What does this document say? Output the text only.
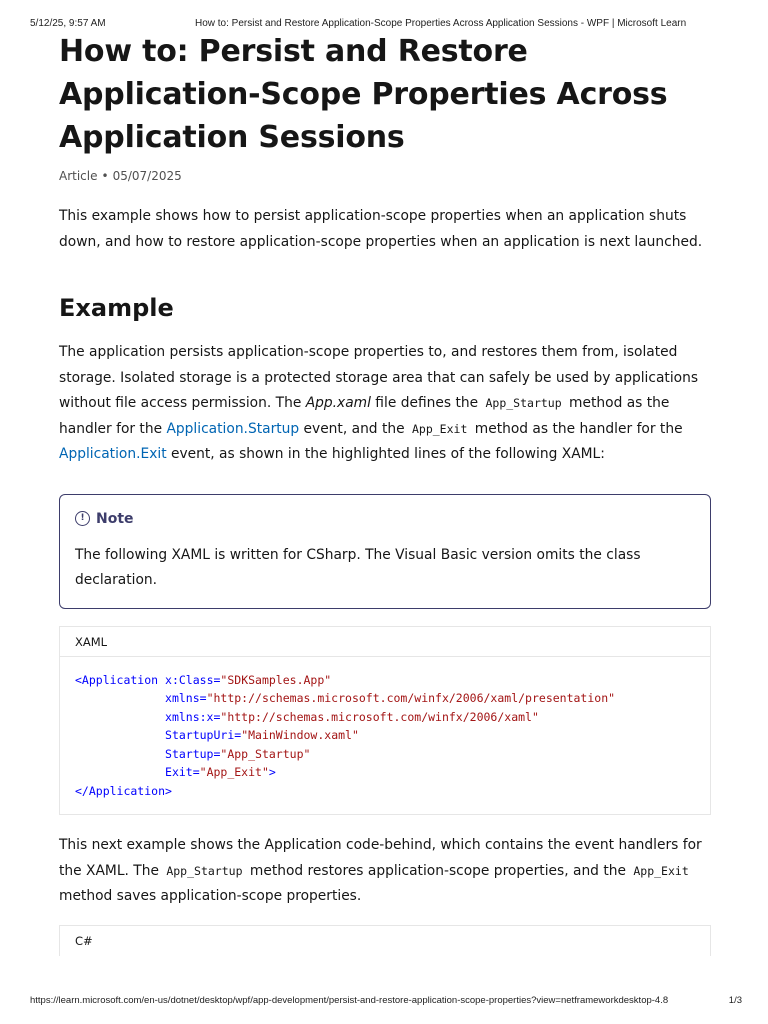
5/12/25, 9:57 AM	How to: Persist and Restore Application-Scope Properties Across Application Sessions - WPF | Microsoft Learn
How to: Persist and Restore Application-Scope Properties Across Application Sessions
Article • 05/07/2025

This example shows how to persist application-scope properties when an application shuts down, and how to restore application-scope properties when an application is next launched.

Example

The application persists application-scope properties to, and restores them from, isolated storage. Isolated storage is a protected storage area that can safely be used by applications without file access permission. The App.xaml file defines the App_Startup method as the handler for the Application.Startup event, and the App_Exit method as the handler for the Application.Exit event, as shown in the highlighted lines of the following XAML:

! Note
The following XAML is written for CSharp. The Visual Basic version omits the class declaration.
XAML
<Application x:Class="SDKSamples.App"
xmlns="http://schemas.microsoft.com/winfx/2006/xaml/presentation"
xmlns:x="http://schemas.microsoft.com/winfx/2006/xaml"
StartupUri="MainWindow.xaml"
Startup="App_Startup"
Exit="App_Exit">
</Application>

This next example shows the Application code-behind, which contains the event handlers for the XAML. The App_Startup method restores application-scope properties, and the App_Exit method saves application-scope properties.

C#
https://learn.microsoft.com/en-us/dotnet/desktop/wpf/app-development/persist-and-restore-application-scope-properties?view=netframeworkdesktop-4.8	1/3
